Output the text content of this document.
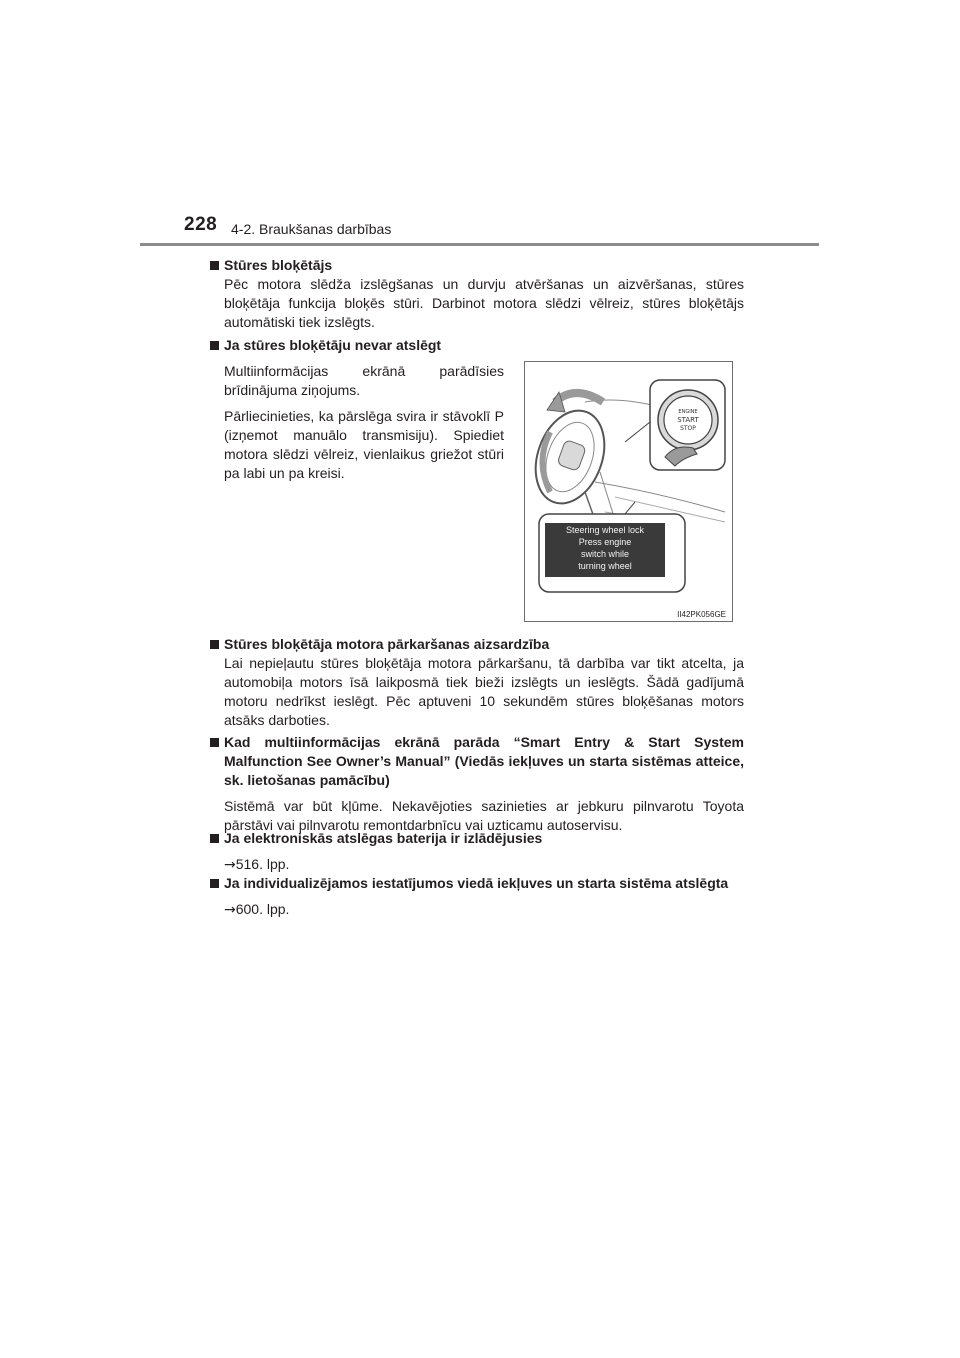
228 4-2. Braukšanas darbības
Stūres bloķētājs

Pēc motora slēdža izslēgšanas un durvju atvēršanas un aizvēršanas, stūres bloķētāja funkcija bloķēs stūri. Darbinot motora slēdzi vēlreiz, stūres bloķētājs automātiski tiek izslēgts.

Ja stūres bloķētāju nevar atslēgt

Multiinformācijas ekrānā parādīsies brīdinājuma ziņojums.

Pārliecinieties, ka pārslēga svira ir stāvoklī P (izņemot manuālo transmisiju). Spiediet motora slēdzi vēlreiz, vienlaikus griežot stūri pa labi un pa kreisi.

ENGINE
START
STOP
Steering wheel lock
Press engine
switch while
turning wheel
II42PK056GE
Stūres bloķētāja motora pārkaršanas aizsardzība

Lai nepieļautu stūres bloķētāja motora pārkaršanu, tā darbība var tikt atcelta, ja automobiļa motors īsā laikposmā tiek bieži izslēgts un ieslēgts. Šādā gadījumā motoru nedrīkst ieslēgt. Pēc aptuveni 10 sekundēm stūres bloķēšanas motors atsāks darboties.

Kad multiinformācijas ekrānā parāda “Smart Entry & Start System Malfunction See Owner’s Manual” (Viedās iekļuves un starta sistēmas atteice, sk. lietošanas pamācību)

Sistēmā var būt kļūme. Nekavējoties sazinieties ar jebkuru pilnvarotu Toyota pārstāvi vai pilnvarotu remontdarbnīcu vai uzticamu autoservisu.

Ja elektroniskās atslēgas baterija ir izlādējusies

→516. lpp.

Ja individualizējamos iestatījumos viedā iekļuves un starta sistēma atslēgta

→600. lpp.
